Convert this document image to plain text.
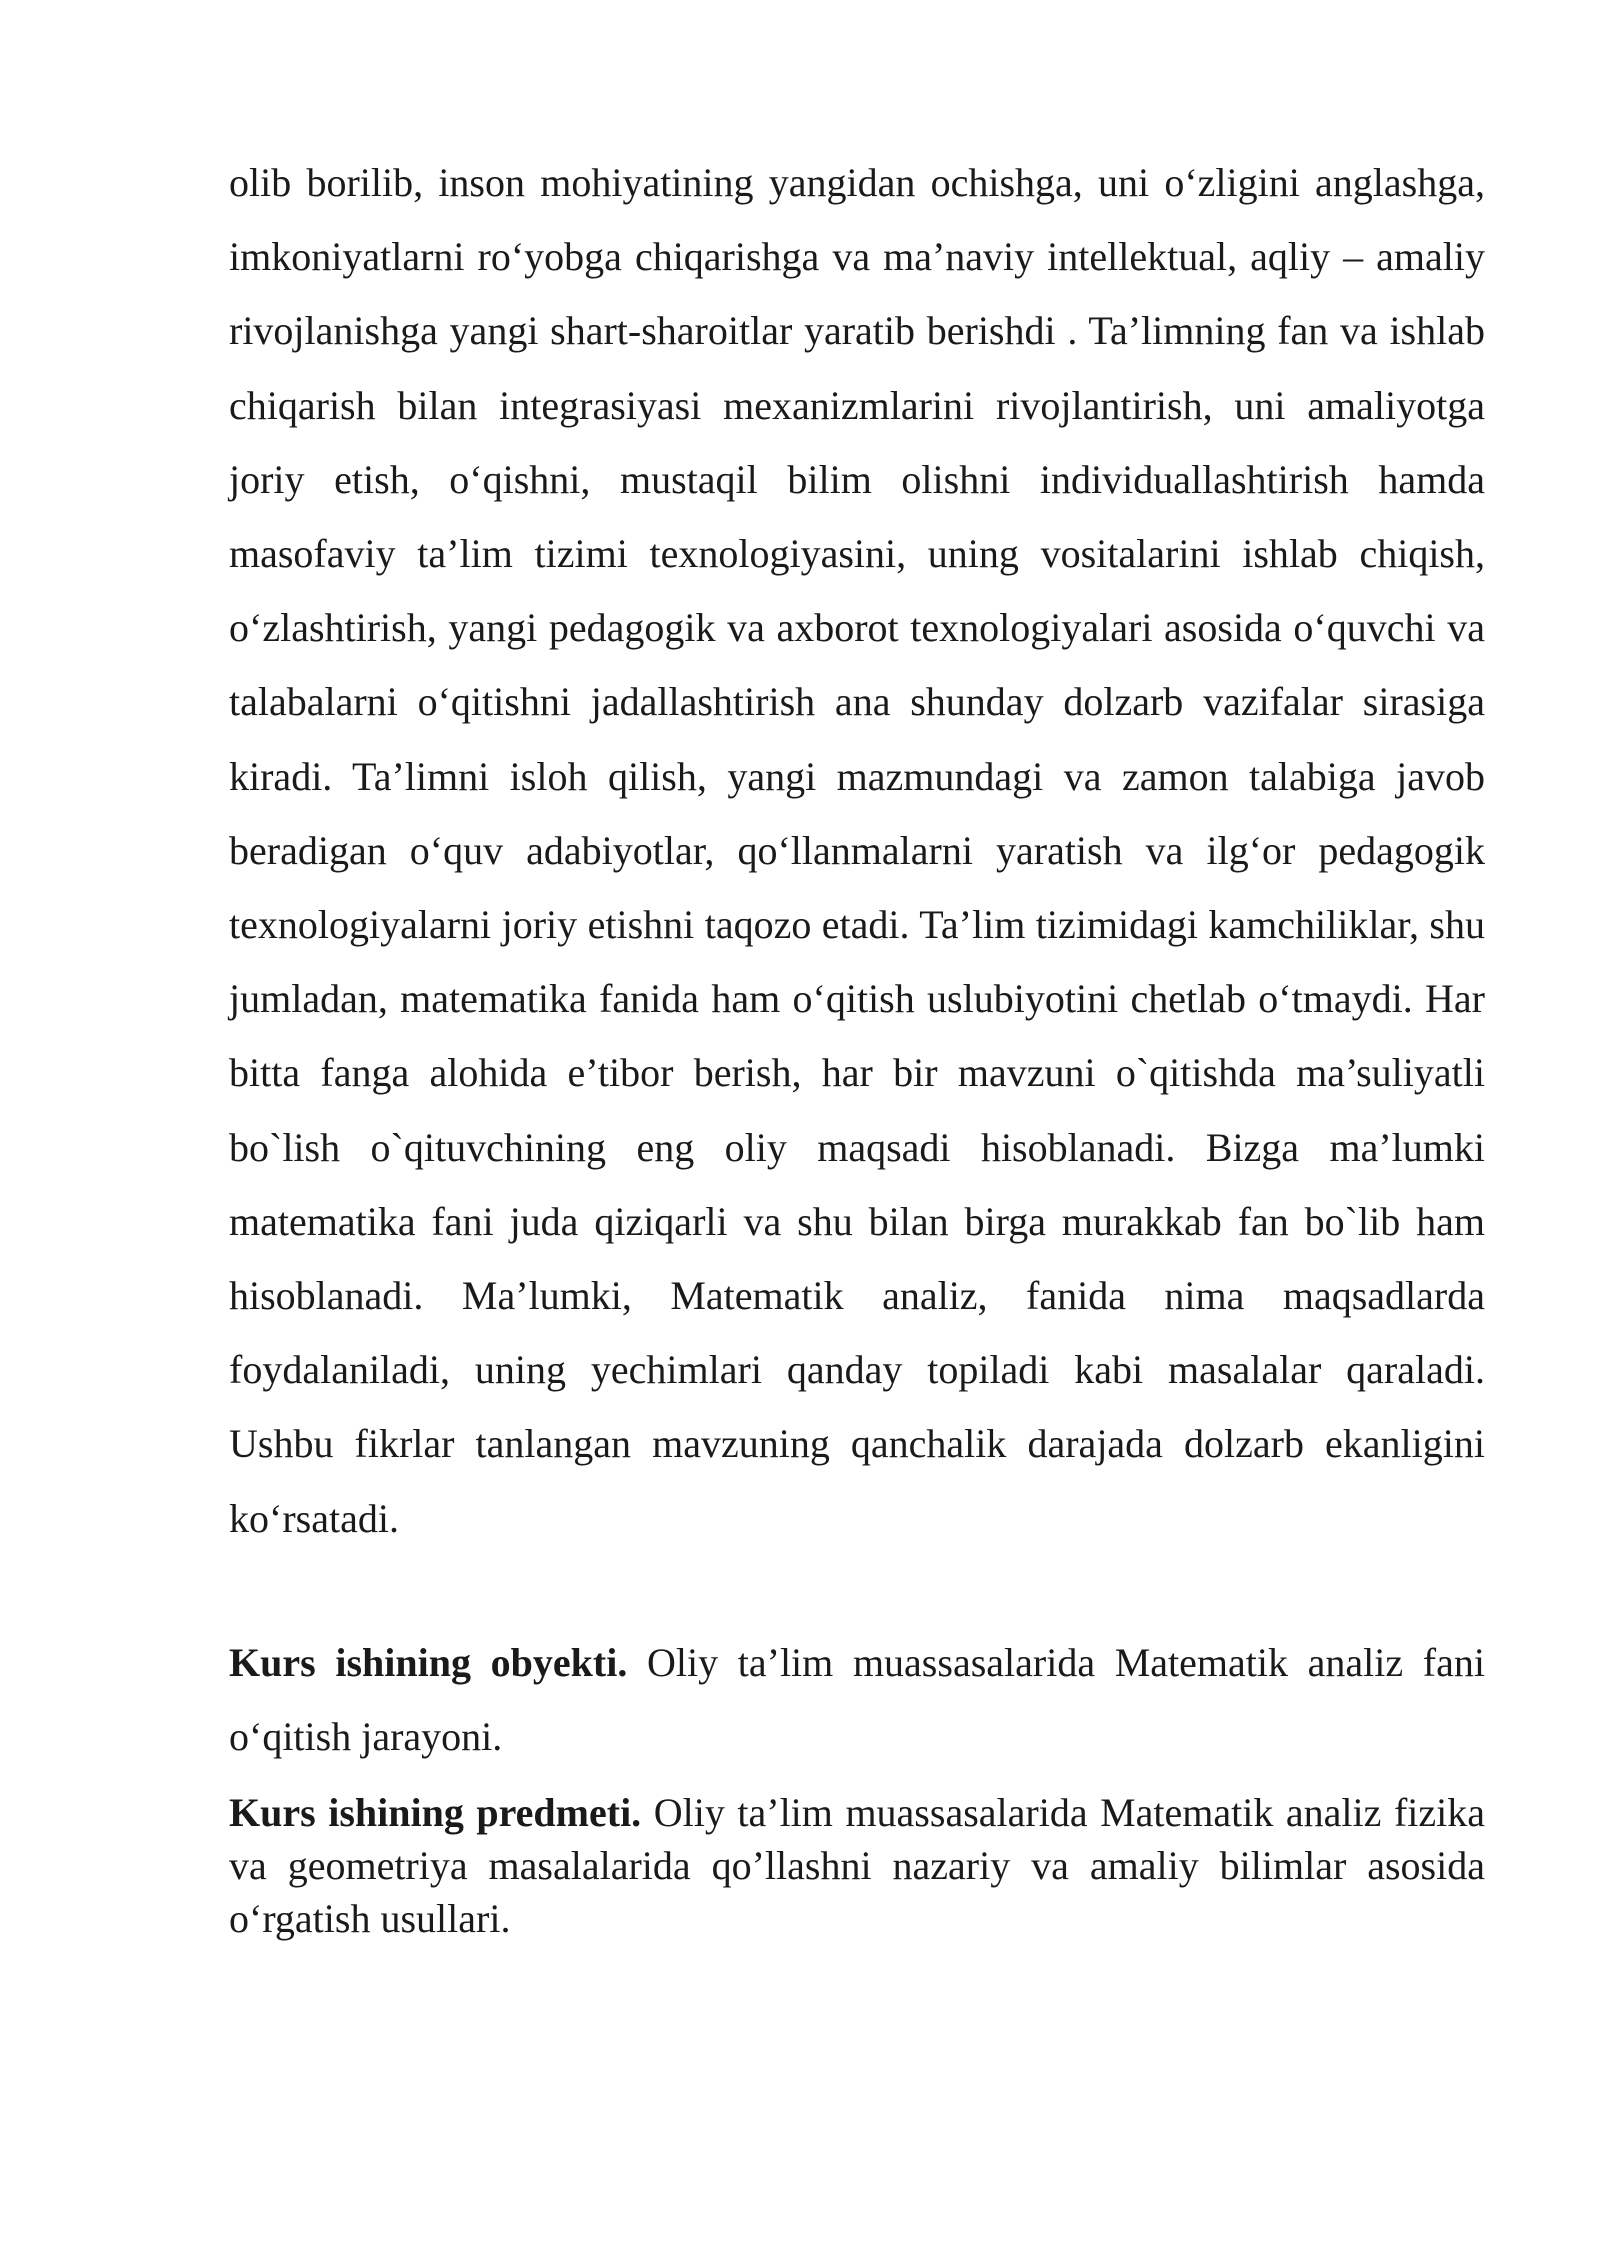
olib borilib, inson mohiyatining yangidan ochishga, uni o‘zligini anglashga, imkoniyatlarni ro‘yobga chiqarishga va ma’naviy intellektual, aqliy – amaliy rivojlanishga yangi shart-sharoitlar yaratib berishdi . Ta’limning fan va ishlab chiqarish bilan integrasiyasi mexanizmlarini rivojlantirish, uni amaliyotga joriy etish, o‘qishni, mustaqil bilim olishni individuallashtirish hamda masofaviy ta’lim tizimi texnologiyasini, uning vositalarini ishlab chiqish, o‘zlashtirish, yangi pedagogik va axborot texnologiyalari asosida o‘quvchi va talabalarni o‘qitishni jadallashtirish ana shunday dolzarb vazifalar sirasiga kiradi. Ta’limni isloh qilish, yangi mazmundagi va zamon talabiga javob beradigan o‘quv adabiyotlar, qo‘llanmalarni yaratish va ilg‘or pedagogik texnologiyalarni joriy etishni taqozo etadi. Ta’lim tizimidagi kamchiliklar, shu jumladan, matematika fanida ham o‘qitish uslubiyotini chetlab o‘tmaydi. Har bitta fanga alohida e’tibor berish, har bir mavzuni o`qitishda ma’suliyatli bo`lish o`qituvchining eng oliy maqsadi hisoblanadi. Bizga ma’lumki matematika fani juda qiziqarli va shu bilan birga murakkab fan bo`lib ham hisoblanadi. Ma’lumki, Matematik analiz, fanida nima maqsadlarda foydalaniladi, uning yechimlari qanday topiladi kabi masalalar qaraladi. Ushbu fikrlar tanlangan mavzuning qanchalik darajada dolzarb ekanligini ko‘rsatadi.

Kurs ishining obyekti. Oliy ta’lim muassasalarida Matematik analiz fani o‘qitish jarayoni.

Kurs ishining predmeti. Oliy ta’lim muassasalarida Matematik analiz fizika va geometriya masalalarida qo’llashni nazariy va amaliy bilimlar asosida o‘rgatish usullari.
